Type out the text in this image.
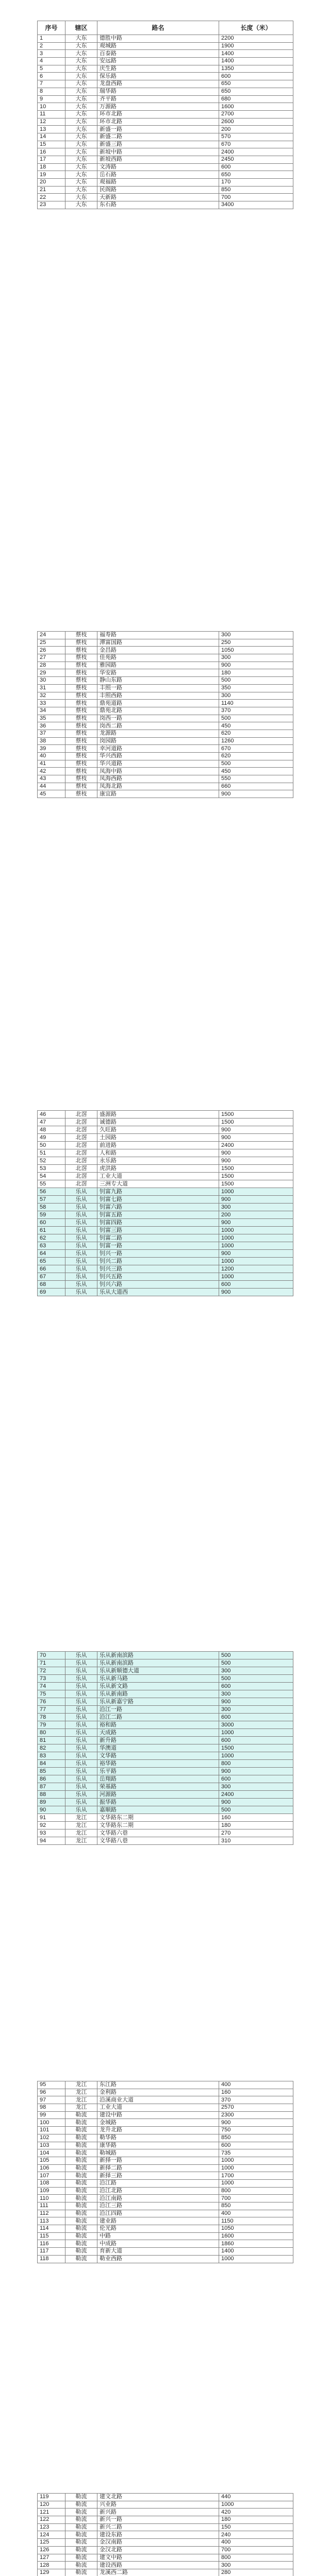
序号	辖区	路名	长度（米）
1	大东	德胜中路	2200
2	大东	观城路	1900
3	大东	百泰路	1400
4	大东	安远路	1400
5	大东	庆生路	1350
6	大东	保乐路	600
7	大东	龙盘西路	650
8	大东	瑞华路	650
9	大东	齐平路	680
10	大东	万源路	1600
11	大东	环市北路	2700
12	大东	环市北路	2600
13	大东	新盛一路	200
14	大东	新盛二路	570
15	大东	新盛三路	670
16	大东	新坡中路	2400
17	大东	新坡西路	2450
18	大东	文涛路	600
19	大东	岳石路	650
20	大东	观福路	170
21	大东	民阁路	850
22	大东	天新路	700
23	大东	东石路	3400
24	蔡枝	福寿路	300
25	蔡枝	潭富国路	250
26	蔡枝	金昌路	1050
27	蔡枝	佳苑路	300
28	蔡枝	雅园路	900
29	蔡枝	华安路	180
30	蔡枝	静山东路	500
31	蔡枝	丰照一路	350
32	蔡枝	丰照西路	300
33	蔡枝	鼎苑道路	1140
34	蔡枝	鼎苑北路	370
35	蔡枝	岗西一路	500
36	蔡枝	岗西二路	450
37	蔡枝	龙源路	620
38	蔡枝	岗园路	1260
39	蔡枝	幸河道路	670
40	蔡枝	华兴西路	620
41	蔡枝	华兴道路	500
42	蔡枝	凤海中路	450
43	蔡枝	凤海西路	550
44	蔡枝	凤海北路	660
45	蔡枝	康宜路	900
46	北滘	盛源路	1500
47	北滘	诚德路	1500
48	北滘	久旺路	900
49	北滘	土园路	900
50	北滘	前进路	2400
51	北滘	人和路	900
52	北滘	永乐路	900
53	北滘	虎洪路	1500
54	北滘	工业大道	1500
55	北滘	三洲专大道	1500
56	乐从	钊富九路	1000
57	乐从	钊富七路	900
58	乐从	钊富六路	300
59	乐从	钊富五路	200
60	乐从	钊富四路	900
61	乐从	钊富三路	1000
62	乐从	钊富二路	1000
63	乐从	钊富一路	1000
64	乐从	钊兴一路	900
65	乐从	钊兴二路	1000
66	乐从	钊兴三路	1200
67	乐从	钊兴五路	1000
68	乐从	钊兴六路	600
69	乐从	乐从大道西	900
70	乐从	乐从新南滨路	500
71	乐从	乐从新南滨路	500
72	乐从	乐从新顺德大道	300
73	乐从	乐从新马路	500
74	乐从	乐从新文路	600
75	乐从	乐从新南路	300
76	乐从	乐从新嘉宁路	900
77	乐从	沿江一路	300
78	乐从	沿江二路	600
79	乐从	裕和路	3000
80	乐从	天成路	1000
81	乐从	新升路	600
82	乐从	华澳道	1500
83	乐从	文华路	1000
84	乐从	裕华路	800
85	乐从	乐平路	900
86	乐从	岳翔路	600
87	乐从	荣基路	300
88	乐从	河源路	2400
89	乐从	振华路	900
90	乐从	嘉顺路	500
91	龙江	文华路东二期	160
92	龙江	文华路东二期	180
93	龙江	文华路六巷	270
94	龙江	文华路八巷	310
95	龙江	东江路	400
96	龙江	金利路	160
97	龙江	沿溪商业大道	370
98	龙江	工业大道	2570
99	勒流	建设中路	2300
100	勒流	金城路	900
101	勒流	龙升北路	750
102	勒流	勒华路	850
103	勒流	康华路	600
104	勒流	勒城路	735
105	勒流	新择一路	1000
106	勒流	新择二路	1000
107	勒流	新择三路	1700
108	勒流	沿江路	1000
109	勒流	沿江北路	800
110	勒流	沿江南路	700
111	勒流	沿江三路	850
112	勒流	沿江四路	400
113	勒流	建业路	1150
114	勒流	伦光路	1050
115	勒流	中路	1600
116	勒流	中成路	1860
117	勒流	育新大道	1400
118	勒流	勒业西路	1000
119	勒流	建文北路	440
120	勒流	兴业路	1000
121	勒流	新兴路	420
122	勒流	新兴一路	180
123	勒流	新兴二路	150
124	勒流	建设东路	240
125	勒流	金汉南路	400
126	勒流	金汉北路	700
127	勒流	建文中路	800
128	勒流	建设西路	300
129	勒流	龙溪西二路	280
